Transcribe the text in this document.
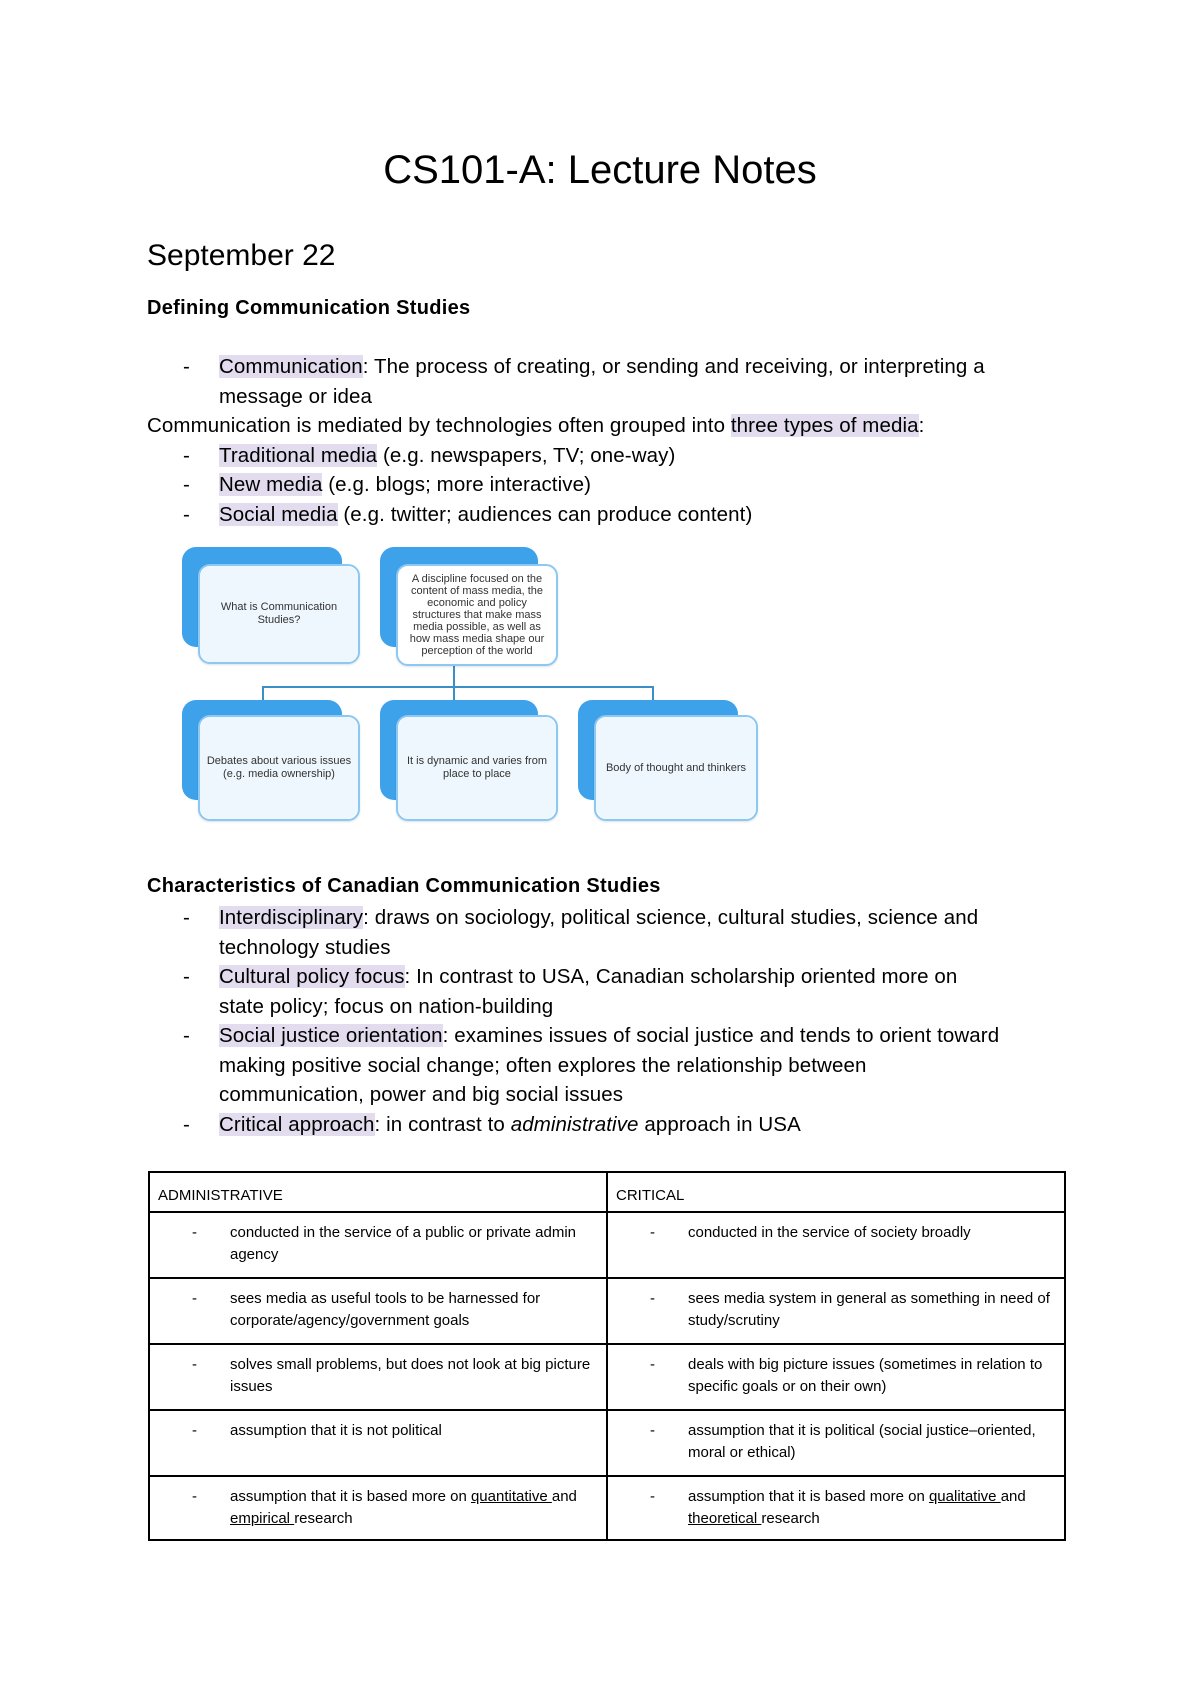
CS101-A: Lecture Notes
September 22
Defining Communication Studies
- Communication: The process of creating, or sending and receiving, or interpreting a
message or idea
Communication is mediated by technologies often grouped into three types of media:
- Traditional media (e.g. newspapers, TV; one-way)
- New media (e.g. blogs; more interactive)
- Social media (e.g. twitter; audiences can produce content)
What is Communication Studies?
A discipline focused on the content of mass media, the economic and policy structures that make mass media possible, as well as how mass media shape our perception of the world
Debates about various issues (e.g. media ownership)
It is dynamic and varies from place to place
Body of thought and thinkers
Characteristics of Canadian Communication Studies
- Interdisciplinary: draws on sociology, political science, cultural studies, science and
technology studies
- Cultural policy focus: In contrast to USA, Canadian scholarship oriented more on
state policy; focus on nation-building
- Social justice orientation: examines issues of social justice and tends to orient toward
making positive social change; often explores the relationship between
communication, power and big social issues
- Critical approach: in contrast to administrative approach in USA
ADMINISTRATIVE	CRITICAL

- conducted in the service of a public or private admin agency	- conducted in the service of society broadly

- sees media as useful tools to be harnessed for corporate/agency/government goals	- sees media system in general as something in need of study/scrutiny

- solves small problems, but does not look at big picture issues	- deals with big picture issues (sometimes in relation to specific goals or on their own)

- assumption that it is not political	- assumption that it is political (social justice–oriented, moral or ethical)

- assumption that it is based more on quantitative and empirical research	- assumption that it is based more on qualitative and theoretical research
